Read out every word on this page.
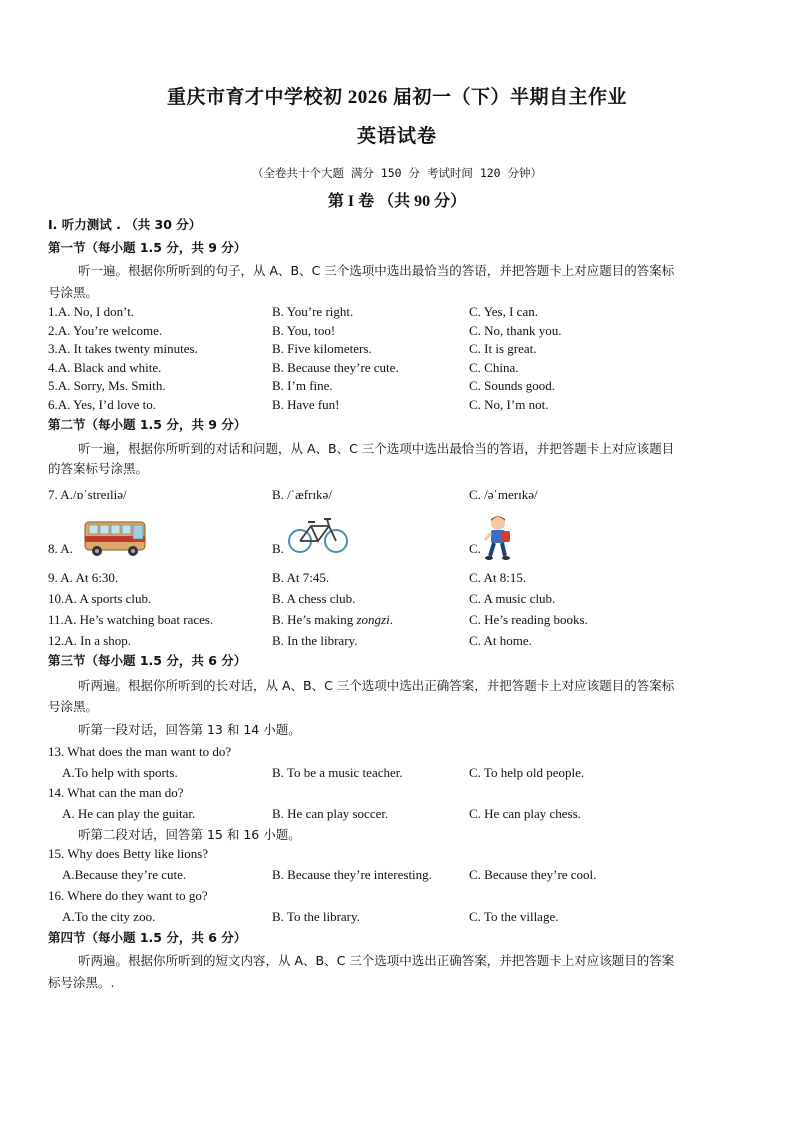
重庆市育才中学校初 2026 届初一（下）半期自主作业
英语试卷
（全卷共十个大题 满分 150 分 考试时间 120 分钟）
第 I 卷 （共 90 分）
I. 听力测试 . （共 30 分）
第一节（每小题 1.5 分，共 9 分）
听一遍。根据你所听到的句子，从 A、B、C 三个选项中选出最恰当的答语，并把答题卡上对应题目的答案标
号涂黑。
1.A. No, I don’t.	B. You’re right.	C. Yes, I can.
2.A. You’re welcome.	B. You, too!	C. No, thank you.
3.A. It takes twenty minutes.	B. Five kilometers.	C. It is great.
4.A. Black and white.	B. Because they’re cute.	C. China.
5.A. Sorry, Ms. Smith.	B. I’m fine.	C. Sounds good.
6.A. Yes, I’d love to.	B. Have fun!	C. No, I’m not.
第二节（每小题 1.5 分，共 9 分）
听一遍，根据你所听到的对话和问题，从 A、B、C 三个选项中选出最恰当的答语，并把答题卡上对应该题目
的答案标号涂黑。
7. A./ɒˈstreɪliə/	B. /ˈæfrɪkə/	C. /əˈmerɪkə/
8. A.	B.	C.
9. A. At 6:30.	B. At 7:45.	C. At 8:15.
10.A. A sports club.	B. A chess club.	C. A music club.
11.A. He’s watching boat races.	B. He’s making zongzi.	C. He’s reading books.
12.A. In a shop.	B. In the library.	C. At home.
第三节（每小题 1.5 分，共 6 分）
听两遍。根据你所听到的长对话，从 A、B、C 三个选项中选出正确答案，并把答题卡上对应该题目的答案标
号涂黑。
听第一段对话，回答第 13 和 14 小题。
13. What does the man want to do?
A.To help with sports.	B. To be a music teacher.	C. To help old people.
14. What can the man do?
A. He can play the guitar.	B. He can play soccer.	C. He can play chess.
听第二段对话，回答第 15 和 16 小题。
15. Why does Betty like lions?
A.Because they’re cute.	B. Because they’re interesting.	C. Because they’re cool.
16. Where do they want to go?
A.To the city zoo.	B. To the library.	C. To the village.
第四节（每小题 1.5 分，共 6 分）
听两遍。根据你所听到的短文内容，从 A、B、C 三个选项中选出正确答案，并把答题卡上对应该题目的答案
标号涂黑。.
